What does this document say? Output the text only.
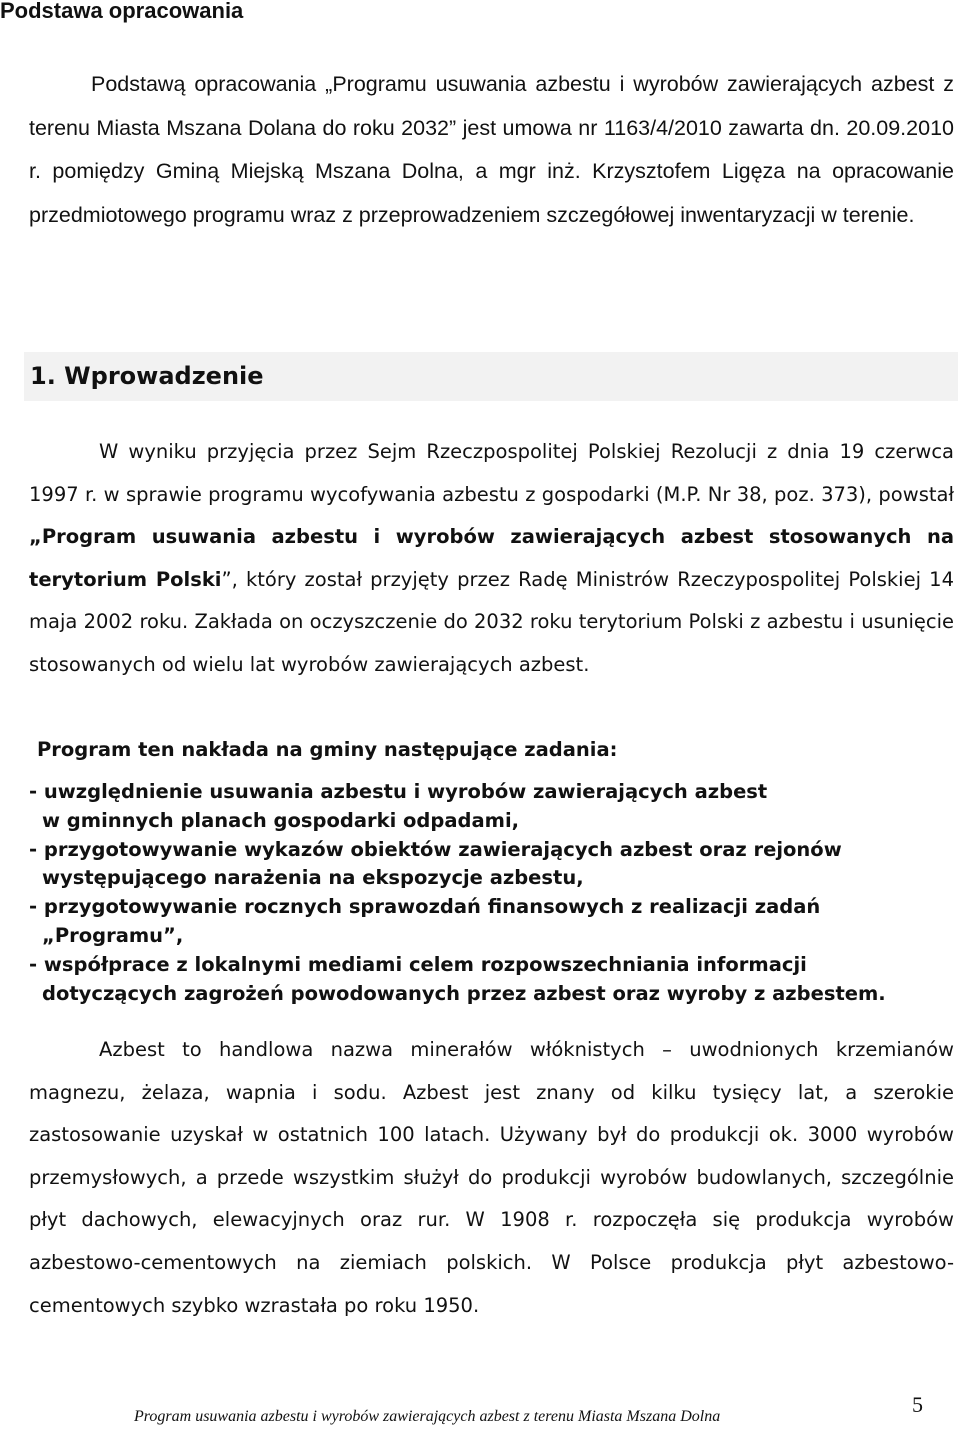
Podstawa opracowania

Podstawą opracowania „Programu usuwania azbestu i wyrobów zawierających azbest z terenu Miasta Mszana Dolana do roku 2032” jest umowa nr 1163/4/2010 zawarta dn. 20.09.2010 r. pomiędzy Gminą Miejską Mszana Dolna, a mgr inż. Krzysztofem Ligęza na opracowanie przedmiotowego programu wraz z przeprowadzeniem szczegółowej inwentaryzacji w terenie.

1. Wprowadzenie

W wyniku przyjęcia przez Sejm Rzeczpospolitej Polskiej Rezolucji z dnia 19 czerwca 1997 r. w sprawie programu wycofywania azbestu z gospodarki (M.P. Nr 38, poz. 373), powstał „Program usuwania azbestu i wyrobów zawierających azbest stosowanych na terytorium Polski”, który został przyjęty przez Radę Ministrów Rzeczypospolitej Polskiej 14 maja 2002 roku. Zakłada on oczyszczenie do 2032 roku terytorium Polski z azbestu i usunięcie stosowanych od wielu lat wyrobów zawierających azbest.

Program ten nakłada na gminy następujące zadania:

- uwzględnienie usuwania azbestu i wyrobów zawierających azbest
w gminnych planach gospodarki odpadami,
- przygotowywanie wykazów obiektów zawierających azbest oraz rejonów
występującego narażenia na ekspozycje azbestu,
- przygotowywanie rocznych sprawozdań finansowych z realizacji zadań
„Programu”,
- współprace z lokalnymi mediami celem rozpowszechniania informacji
dotyczących zagrożeń powodowanych przez azbest oraz wyroby z azbestem.

Azbest to handlowa nazwa minerałów włóknistych – uwodnionych krzemianów magnezu, żelaza, wapnia i sodu. Azbest jest znany od kilku tysięcy lat, a szerokie zastosowanie uzyskał w ostatnich 100 latach. Używany był do produkcji ok. 3000 wyrobów przemysłowych, a przede wszystkim służył do produkcji wyrobów budowlanych, szczególnie płyt dachowych, elewacyjnych oraz rur. W 1908 r. rozpoczęła się produkcja wyrobów azbestowo-cementowych na ziemiach polskich. W Polsce produkcja płyt azbestowo-cementowych szybko wzrastała po roku 1950.

Program usuwania azbestu i wyrobów zawierających azbest z terenu Miasta Mszana Dolna	5
